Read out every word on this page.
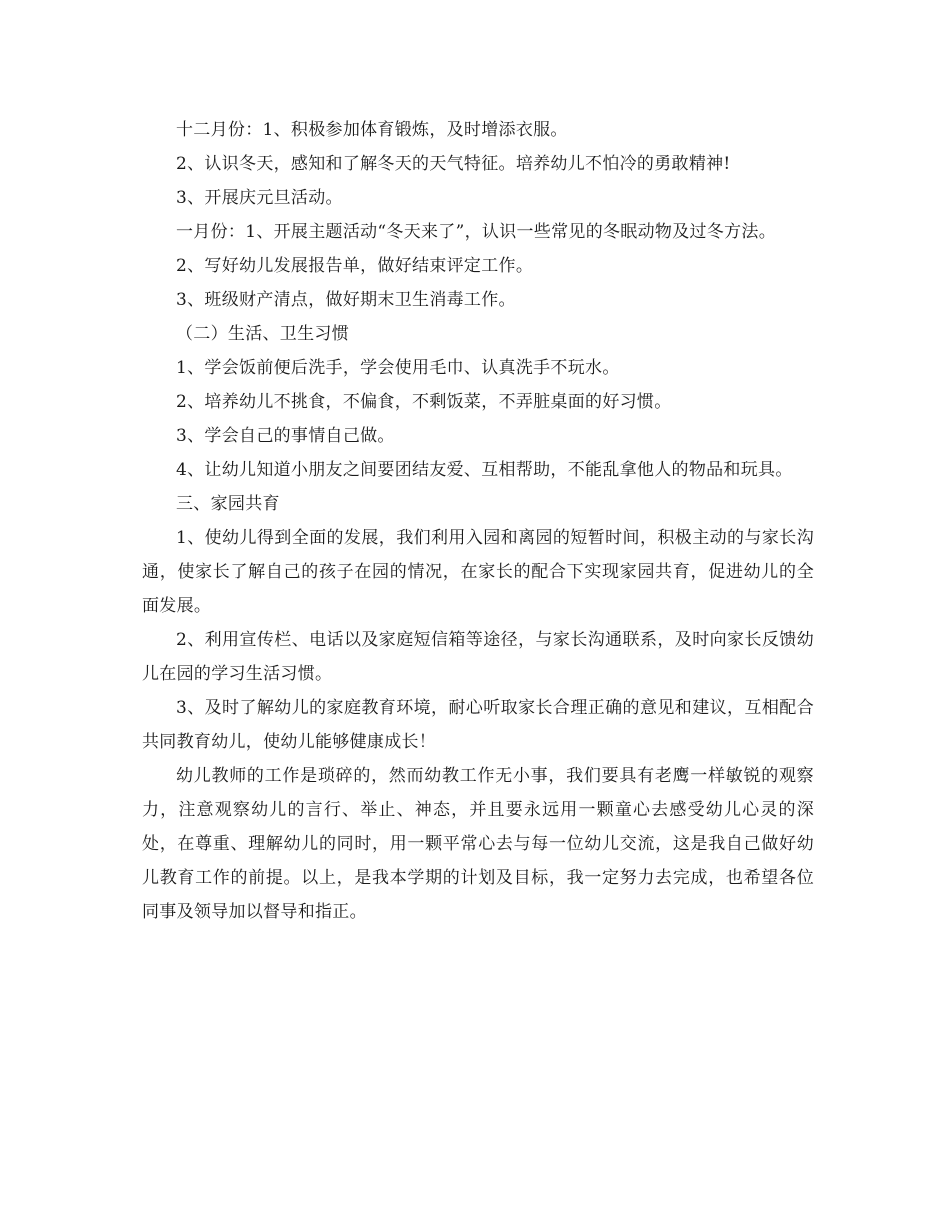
十二月份：1、积极参加体育锻炼，及时增添衣服。

2、认识冬天，感知和了解冬天的天气特征。培养幼儿不怕冷的勇敢精神!

3、开展庆元旦活动。

一月份：1、开展主题活动“冬天来了”，认识一些常见的冬眠动物及过冬方法。

2、写好幼儿发展报告单，做好结束评定工作。

3、班级财产清点，做好期末卫生消毒工作。

（二）生活、卫生习惯

1、学会饭前便后洗手，学会使用毛巾、认真洗手不玩水。

2、培养幼儿不挑食，不偏食，不剩饭菜，不弄脏桌面的好习惯。

3、学会自己的事情自己做。

4、让幼儿知道小朋友之间要团结友爱、互相帮助，不能乱拿他人的物品和玩具。

三、家园共育

1、使幼儿得到全面的发展，我们利用入园和离园的短暂时间，积极主动的与家长沟通，使家长了解自己的孩子在园的情况，在家长的配合下实现家园共育，促进幼儿的全面发展。

2、利用宣传栏、电话以及家庭短信箱等途径，与家长沟通联系，及时向家长反馈幼儿在园的学习生活习惯。

3、及时了解幼儿的家庭教育环境，耐心听取家长合理正确的意见和建议，互相配合共同教育幼儿，使幼儿能够健康成长！

幼儿教师的工作是琐碎的，然而幼教工作无小事，我们要具有老鹰一样敏锐的观察力，注意观察幼儿的言行、举止、神态，并且要永远用一颗童心去感受幼儿心灵的深处，在尊重、理解幼儿的同时，用一颗平常心去与每一位幼儿交流，这是我自己做好幼儿教育工作的前提。以上，是我本学期的计划及目标，我一定努力去完成，也希望各位同事及领导加以督导和指正。
